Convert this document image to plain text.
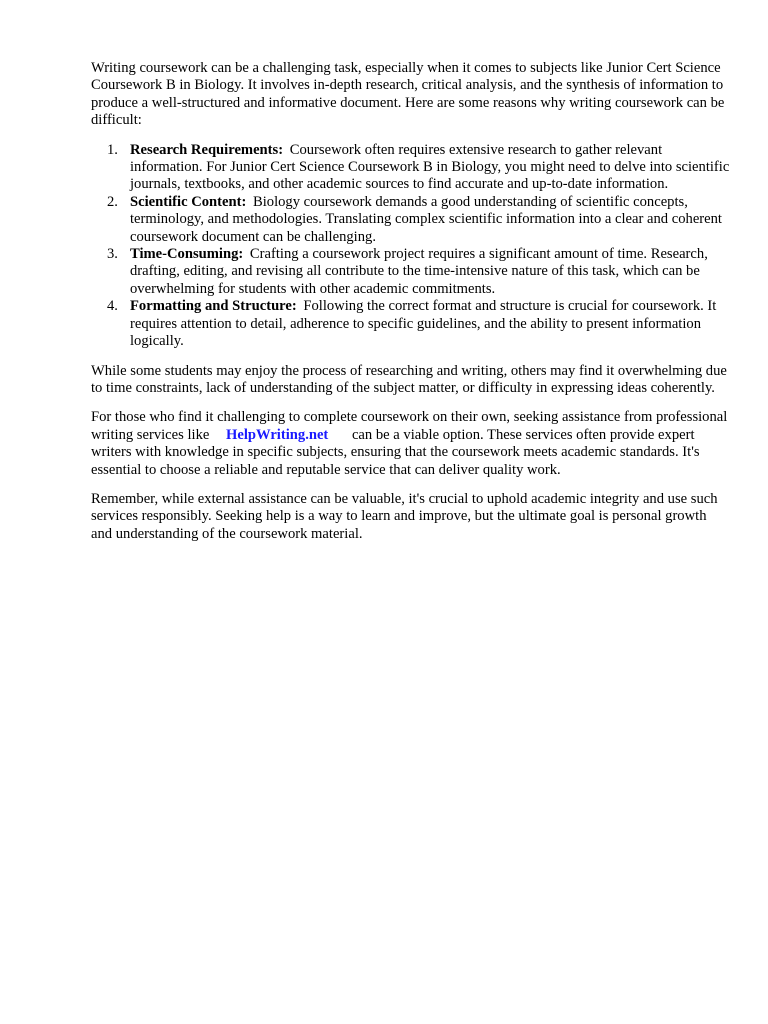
Writing coursework can be a challenging task, especially when it comes to subjects like Junior Cert Science Coursework B in Biology. It involves in-depth research, critical analysis, and the synthesis of information to produce a well-structured and informative document. Here are some reasons why writing coursework can be difficult:

1. Research Requirements: Coursework often requires extensive research to gather relevant information. For Junior Cert Science Coursework B in Biology, you might need to delve into scientific journals, textbooks, and other academic sources to find accurate and up-to-date information.
2. Scientific Content: Biology coursework demands a good understanding of scientific concepts, terminology, and methodologies. Translating complex scientific information into a clear and coherent coursework document can be challenging.
3. Time-Consuming: Crafting a coursework project requires a significant amount of time. Research, drafting, editing, and revising all contribute to the time-intensive nature of this task, which can be overwhelming for students with other academic commitments.
4. Formatting and Structure: Following the correct format and structure is crucial for coursework. It requires attention to detail, adherence to specific guidelines, and the ability to present information logically.

While some students may enjoy the process of researching and writing, others may find it overwhelming due to time constraints, lack of understanding of the subject matter, or difficulty in expressing ideas coherently.

For those who find it challenging to complete coursework on their own, seeking assistance from professional writing services like HelpWriting.net can be a viable option. These services often provide expert writers with knowledge in specific subjects, ensuring that the coursework meets academic standards. It's essential to choose a reliable and reputable service that can deliver quality work.

Remember, while external assistance can be valuable, it's crucial to uphold academic integrity and use such services responsibly. Seeking help is a way to learn and improve, but the ultimate goal is personal growth and understanding of the coursework material.
